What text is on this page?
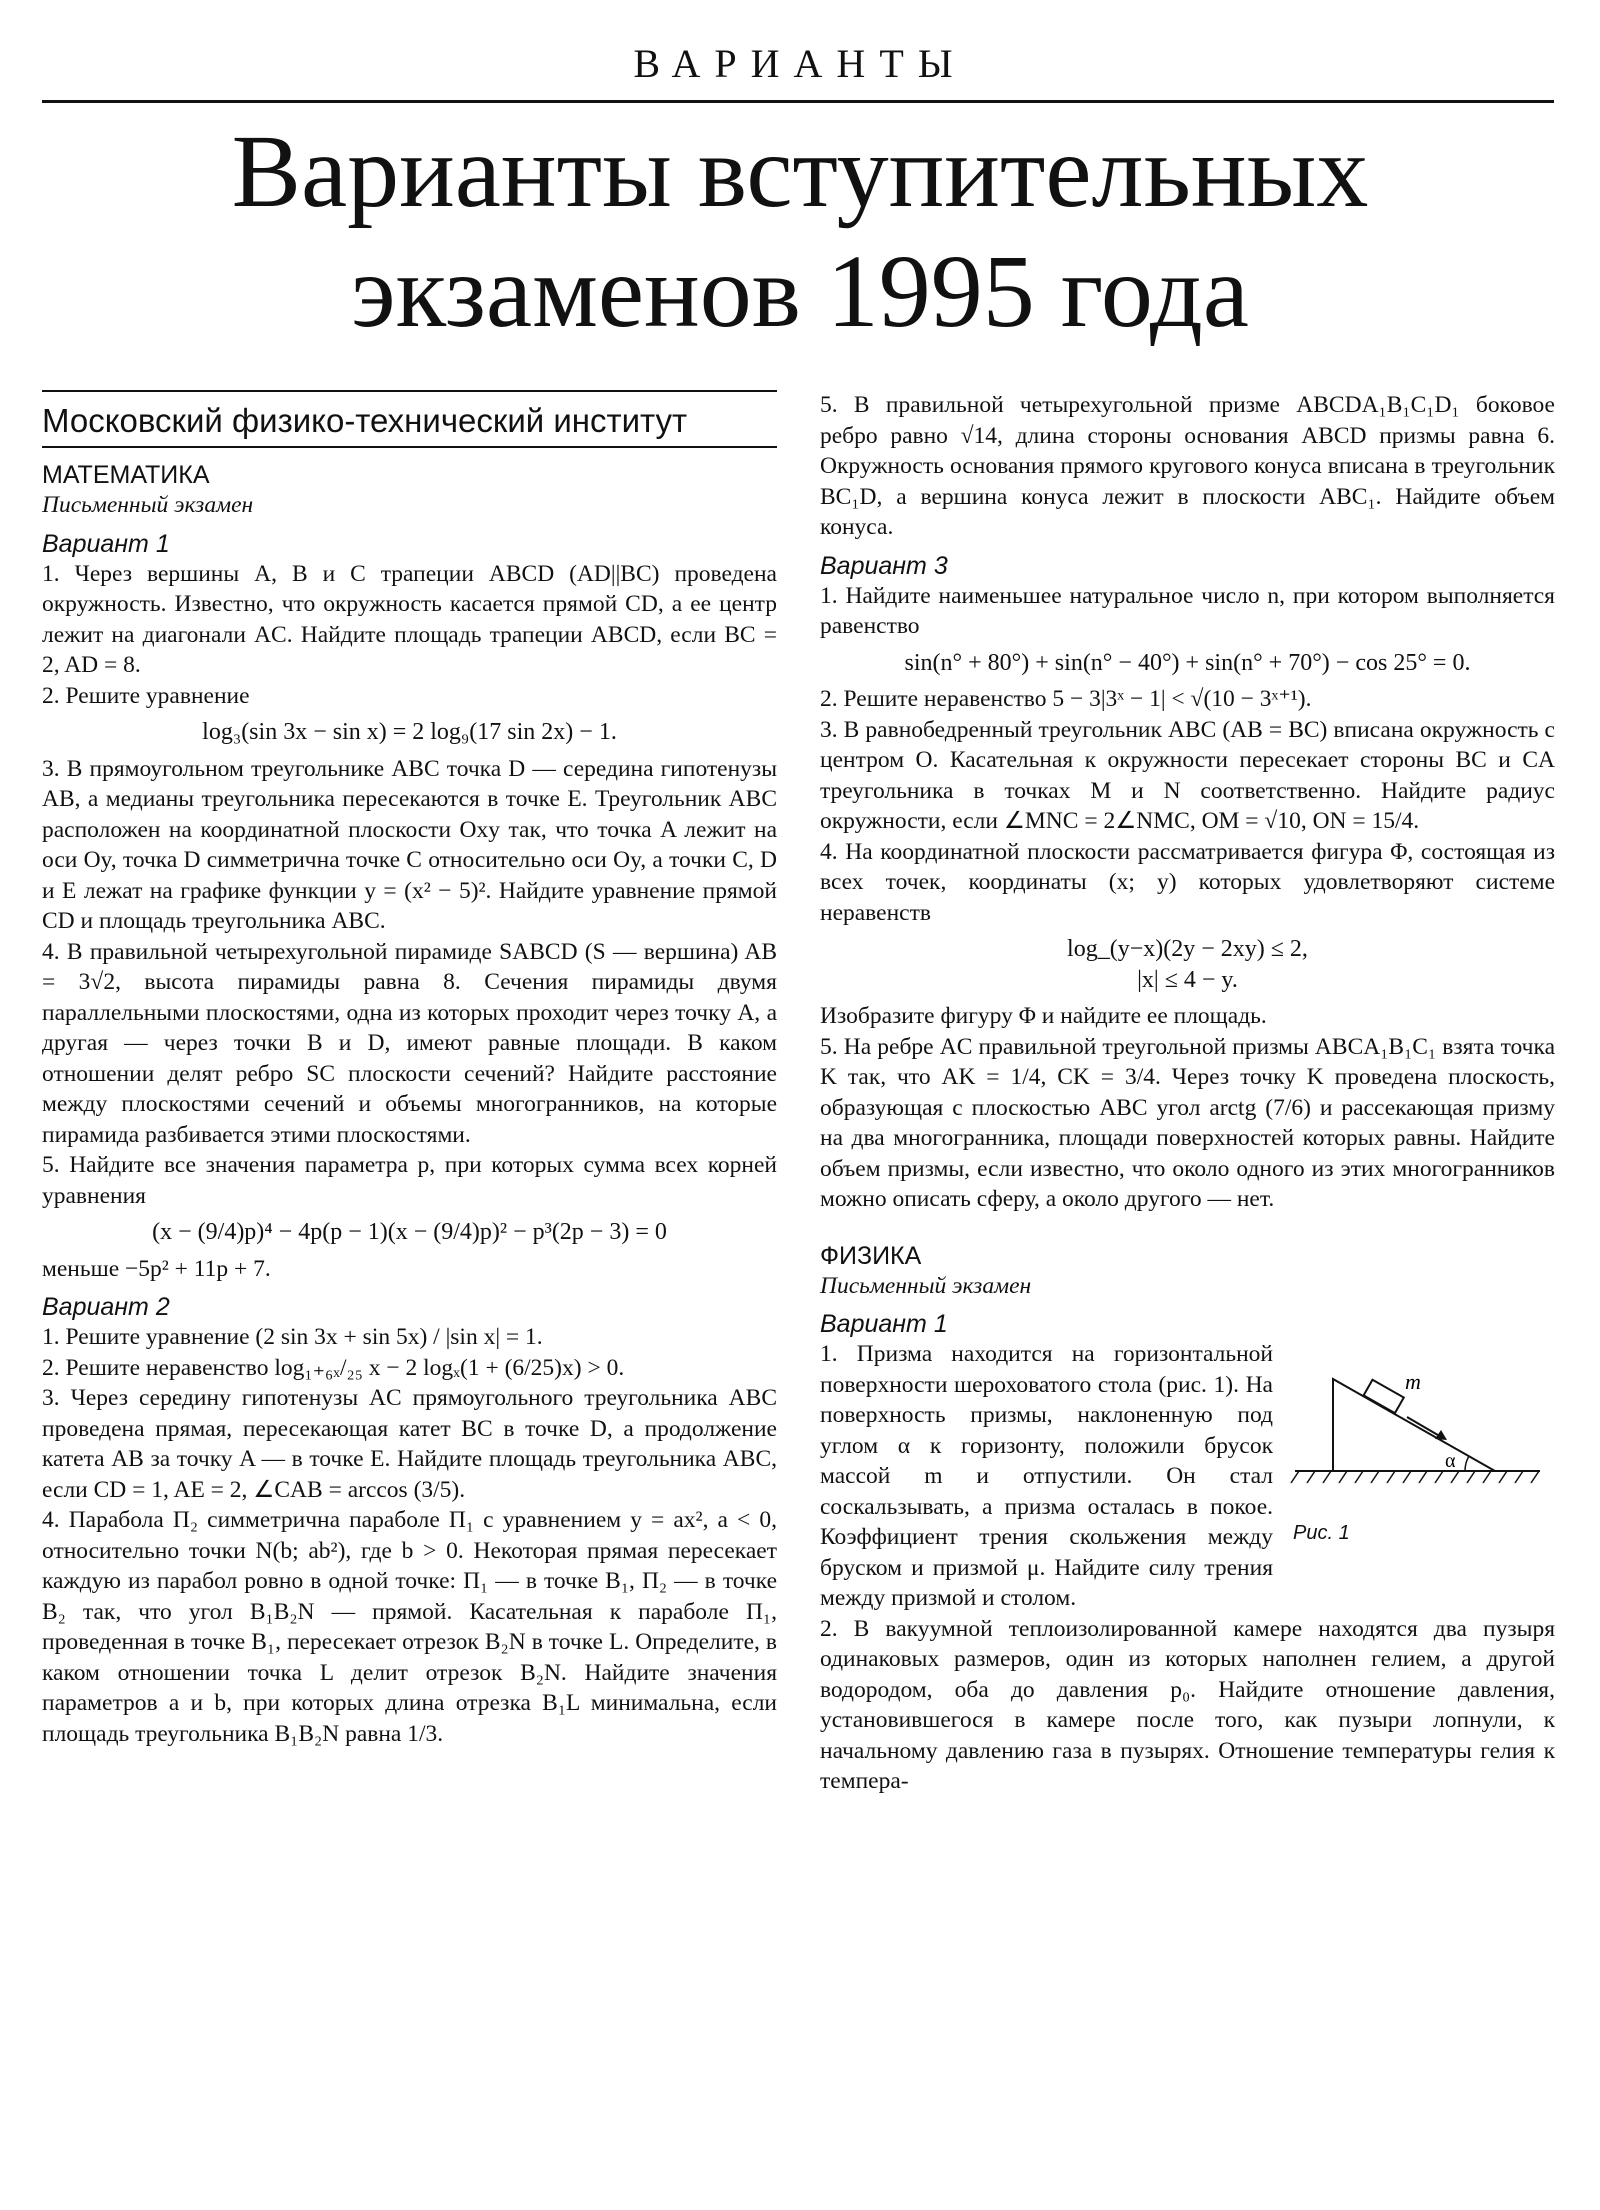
ВАРИАНТЫ
Варианты вступительных
экзаменов 1995 года
Московский физико-технический институт
МАТЕМАТИКА
Письменный экзамен
Вариант 1

1. Через вершины A, B и C трапеции ABCD (AD||BC) проведена окружность. Известно, что окружность касается прямой CD, а ее центр лежит на диагонали AC. Найдите площадь трапеции ABCD, если BC = 2, AD = 8.

2. Решите уравнение

log₃(sin 3x − sin x) = 2 log₉(17 sin 2x) − 1.

3. В прямоугольном треугольнике ABC точка D — середина гипотенузы AB, а медианы треугольника пересекаются в точке E. Треугольник ABC расположен на координатной плоскости Oxy так, что точка A лежит на оси Oy, точка D симметрична точке C относительно оси Oy, а точки C, D и E лежат на графике функции y = (x² − 5)². Найдите уравнение прямой CD и площадь треугольника ABC.

4. В правильной четырехугольной пирамиде SABCD (S — вершина) AB = 3√2, высота пирамиды равна 8. Сечения пирамиды двумя параллельными плоскостями, одна из которых проходит через точку A, а другая — через точки B и D, имеют равные площади. В каком отношении делят ребро SC плоскости сечений? Найдите расстояние между плоскостями сечений и объемы многогранников, на которые пирамида разбивается этими плоскостями.

5. Найдите все значения параметра p, при которых сумма всех корней уравнения

(x − (9/4)p)⁴ − 4p(p − 1)(x − (9/4)p)² − p³(2p − 3) = 0

меньше −5p² + 11p + 7.

Вариант 2

1. Решите уравнение (2 sin 3x + sin 5x) / |sin x| = 1.

2. Решите неравенство log₁₊₆ₓ/₂₅ x − 2 logₓ(1 + (6/25)x) > 0.

3. Через середину гипотенузы AC прямоугольного треугольника ABC проведена прямая, пересекающая катет BC в точке D, а продолжение катета AB за точку A — в точке E. Найдите площадь треугольника ABC, если CD = 1, AE = 2, ∠CAB = arccos (3/5).

4. Парабола П₂ симметрична параболе П₁ с уравнением y = ax², a < 0, относительно точки N(b; ab²), где b > 0. Некоторая прямая пересекает каждую из парабол ровно в одной точке: П₁ — в точке B₁, П₂ — в точке B₂ так, что угол B₁B₂N — прямой. Касательная к параболе П₁, проведенная в точке B₁, пересекает отрезок B₂N в точке L. Определите, в каком отношении точка L делит отрезок B₂N. Найдите значения параметров a и b, при которых длина отрезка B₁L минимальна, если площадь треугольника B₁B₂N равна 1/3.

5. В правильной четырехугольной призме ABCDA₁B₁C₁D₁ боковое ребро равно √14, длина стороны основания ABCD призмы равна 6. Окружность основания прямого кругового конуса вписана в треугольник BC₁D, а вершина конуса лежит в плоскости ABC₁. Найдите объем конуса.

Вариант 3

1. Найдите наименьшее натуральное число n, при котором выполняется равенство

sin(n° + 80°) + sin(n° − 40°) + sin(n° + 70°) − cos 25° = 0.

2. Решите неравенство 5 − 3|3ˣ − 1| < √(10 − 3ˣ⁺¹).

3. В равнобедренный треугольник ABC (AB = BC) вписана окружность с центром O. Касательная к окружности пересекает стороны BC и CA треугольника в точках M и N соответственно. Найдите радиус окружности, если ∠MNC = 2∠NMC, OM = √10, ON = 15/4.

4. На координатной плоскости рассматривается фигура Φ, состоящая из всех точек, координаты (x; y) которых удовлетворяют системе неравенств

log_(y−x)(2y − 2xy) ≤ 2,
|x| ≤ 4 − y.

Изобразите фигуру Φ и найдите ее площадь.

5. На ребре AC правильной треугольной призмы ABCA₁B₁C₁ взята точка K так, что AK = 1/4, CK = 3/4. Через точку K проведена плоскость, образующая с плоскостью ABC угол arctg (7/6) и рассекающая призму на два многогранника, площади поверхностей которых равны. Найдите объем призмы, если известно, что около одного из этих многогранников можно описать сферу, а около другого — нет.

ФИЗИКА
Письменный экзамен
Вариант 1

1. Призма находится на горизонтальной поверхности шероховатого стола (рис. 1). На поверхность призмы, наклоненную под углом α к горизонту, положили брусок массой m и отпустили. Он стал соскальзывать, а призма осталась в покое. Коэффициент трения скольжения между бруском и призмой μ. Найдите силу трения между призмой и столом.

m
α
Рис. 1

2. В вакуумной теплоизолированной камере находятся два пузыря одинаковых размеров, один из которых наполнен гелием, а другой водородом, оба до давления p₀. Найдите отношение давления, установившегося в камере после того, как пузыри лопнули, к начальному давлению газа в пузырях. Отношение температуры гелия к темпера-
